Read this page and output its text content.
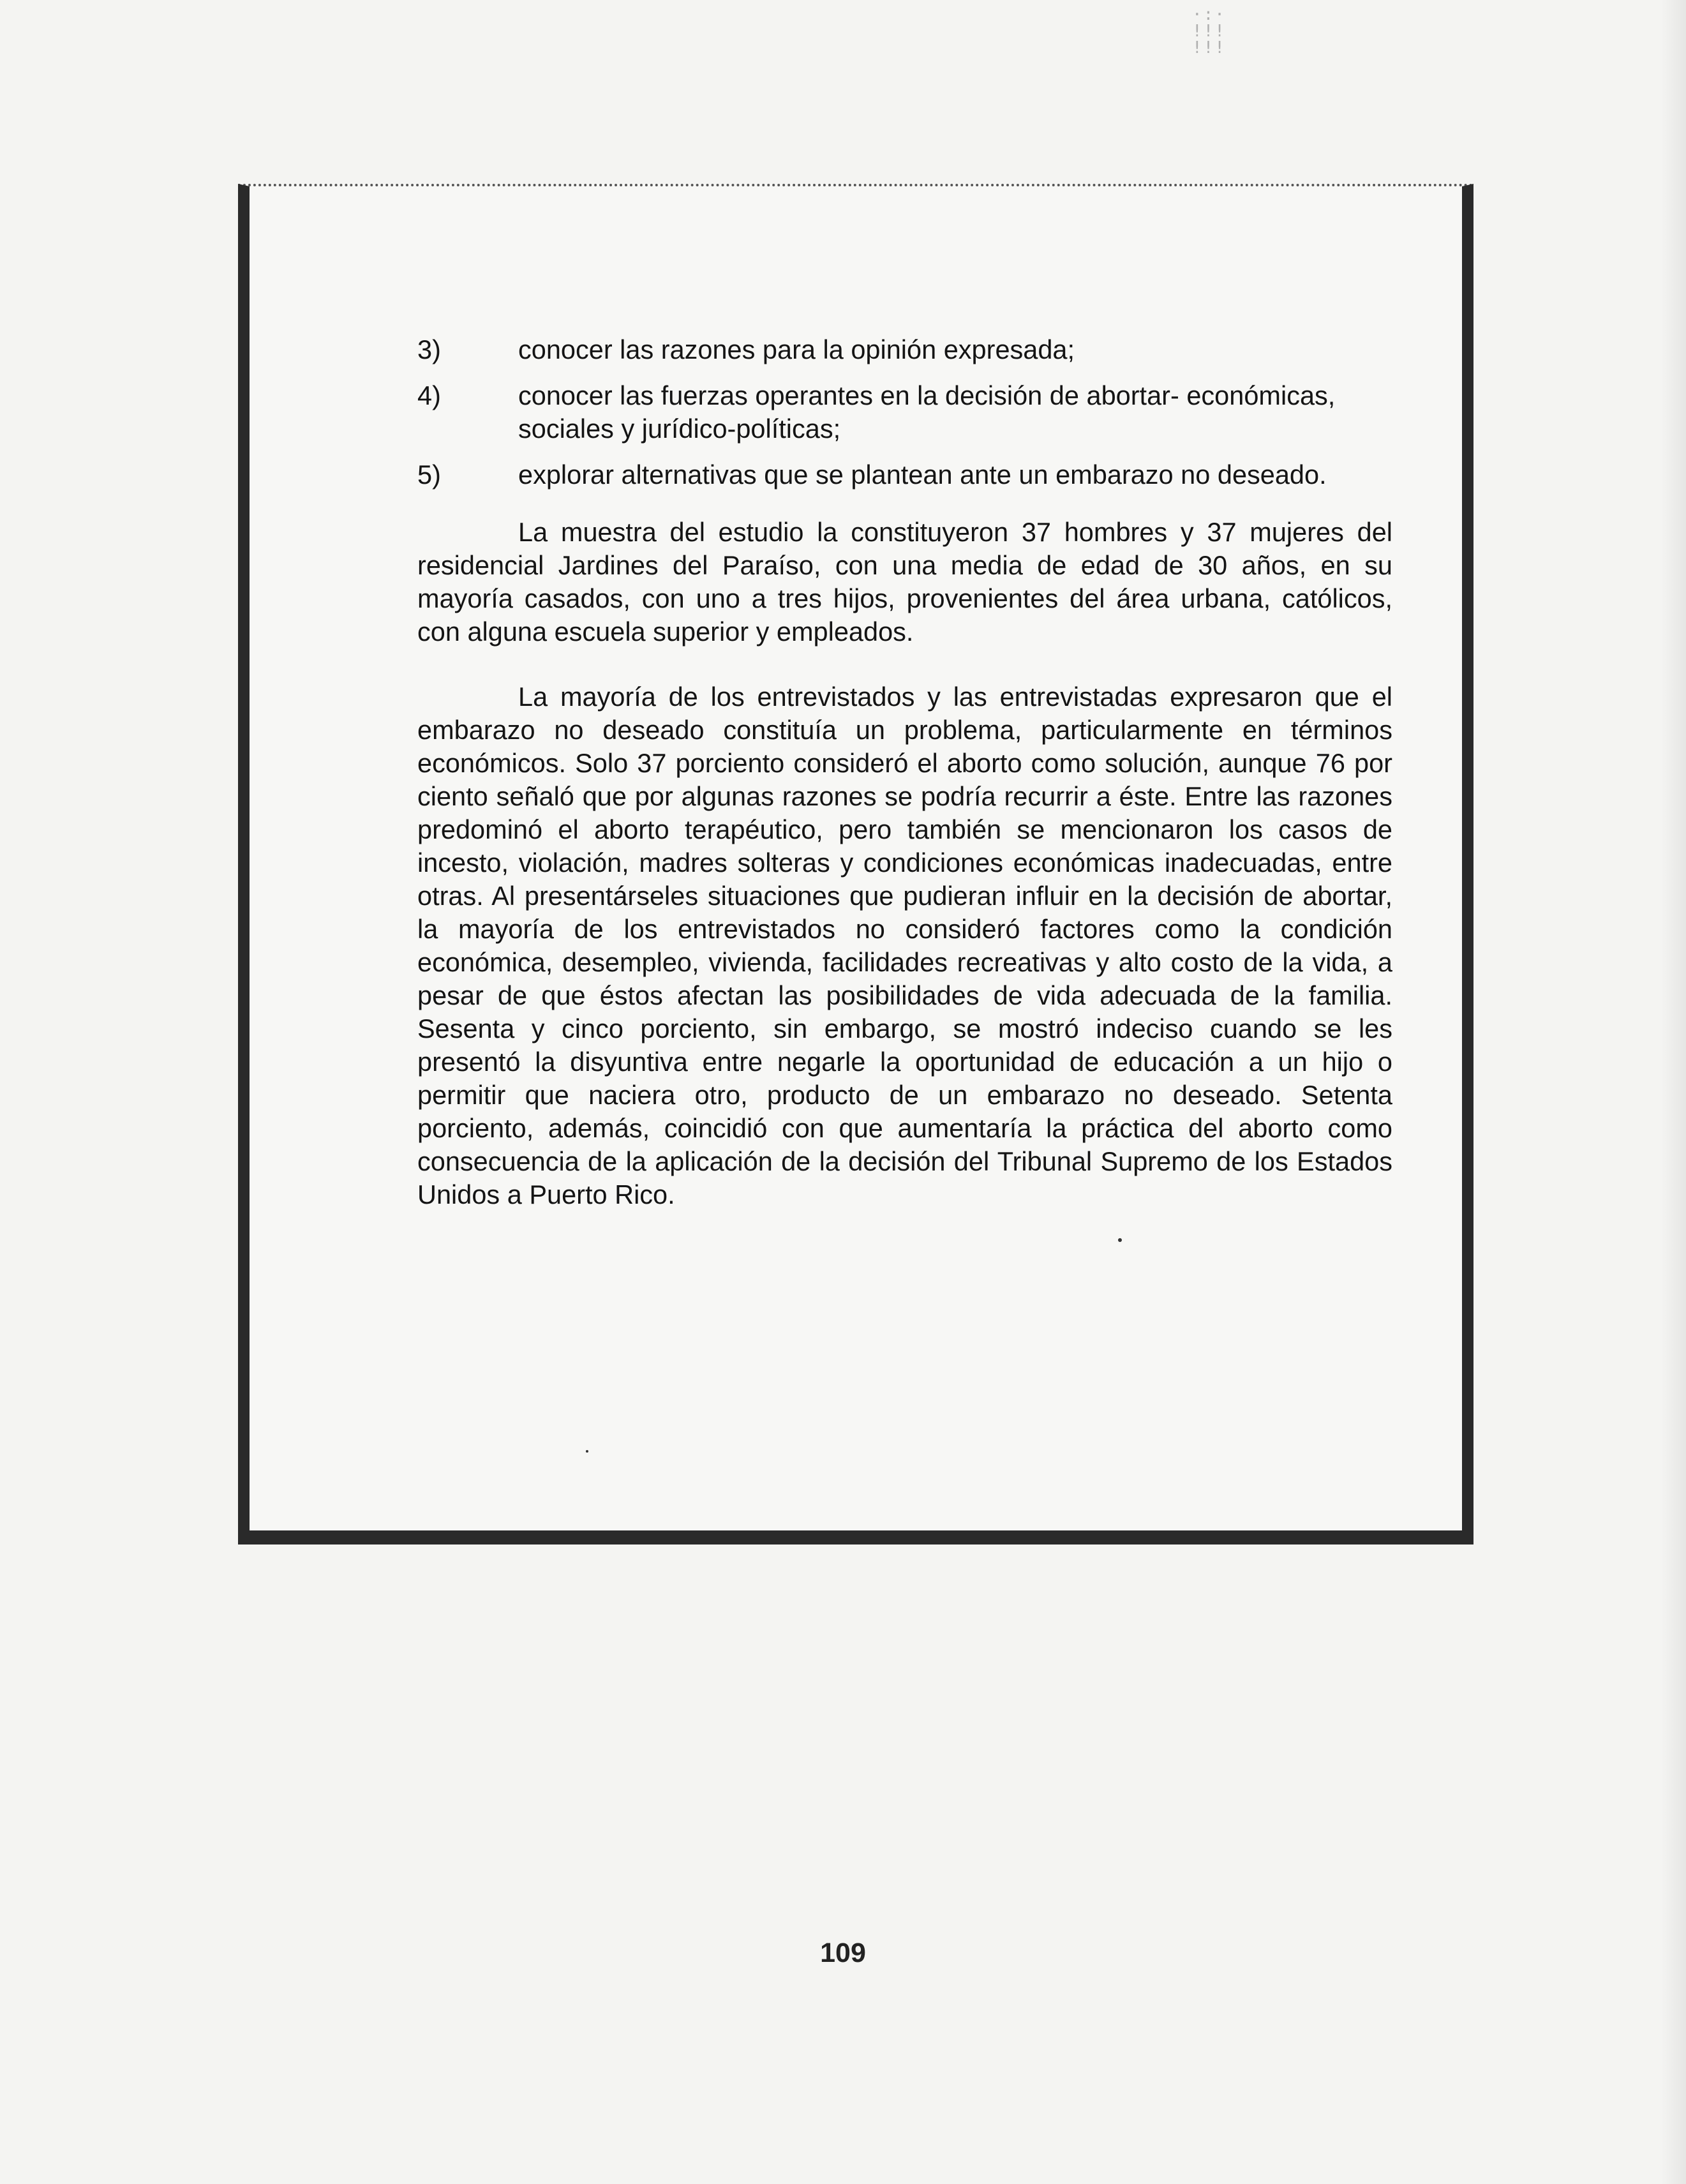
·:·
!!!
!!!
3)	conocer las razones para la opinión expresada;
4)	conocer las fuerzas operantes en la decisión de abortar- económicas, sociales y jurídico-políticas;
5)	explorar alternativas que se plantean ante un embarazo no deseado.

La muestra del estudio la constituyeron 37 hombres y 37 mujeres del residencial Jardines del Paraíso, con una media de edad de 30 años, en su mayoría casados, con uno a tres hijos, provenientes del área urbana, católicos, con alguna escuela superior y empleados.

La mayoría de los entrevistados y las entrevistadas expresaron que el embarazo no deseado constituía un problema, particularmente en términos económicos. Solo 37 porciento consideró el aborto como solución, aunque 76 por ciento señaló que por algunas razones se podría recurrir a éste. Entre las razones predominó el aborto terapéutico, pero también se mencionaron los casos de incesto, violación, madres solteras y condiciones económicas inadecuadas, entre otras. Al presentárseles situaciones que pudieran influir en la decisión de abortar, la mayoría de los entrevistados no consideró factores como la condición económica, desempleo, vivienda, facilidades recreativas y alto costo de la vida, a pesar de que éstos afectan las posibilidades de vida adecuada de la familia. Sesenta y cinco porciento, sin embargo, se mostró indeciso cuando se les presentó la disyuntiva entre negarle la oportunidad de educación a un hijo o permitir que naciera otro, producto de un embarazo no deseado. Setenta porciento, además, coincidió con que aumentaría la práctica del aborto como consecuencia de la aplicación de la decisión del Tribunal Supremo de los Estados Unidos a Puerto Rico.

109
